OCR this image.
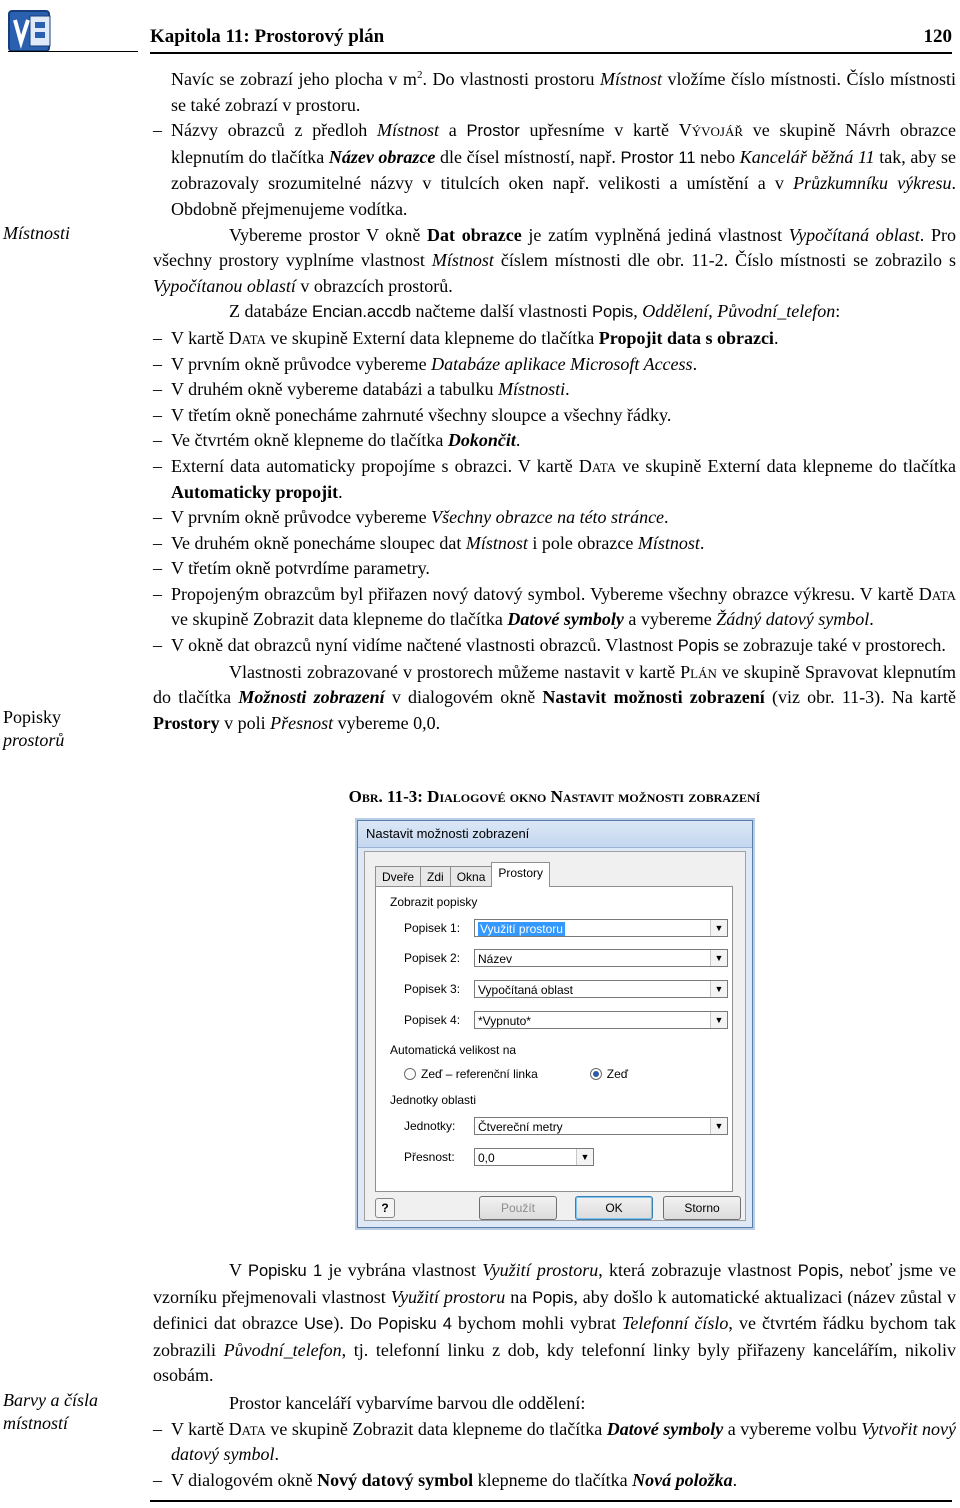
Kapitola 11: Prostorový plán	120
Místnosti
Popisky
prostorů
Barvy a čísla místností

Navíc se zobrazí jeho plocha v $m^2$. Do vlastnosti prostoru Místnost vložíme číslo místnosti. Číslo místnosti se také zobrazí v prostoru.

– Názvy obrazců z předloh Místnost a Prostor upřesníme v kartě Vývojář ve skupině Návrh obrazce klepnutím do tlačítka Název obrazce dle čísel místností, např. Prostor 11 nebo Kancelář běžná 11 tak, aby se zobrazovaly srozumitelné názvy v titulcích oken např. velikosti a umístění a v Průzkumníku výkresu. Obdobně přejmenujeme vodítka.

Vybereme prostor V okně Dat obrazce je zatím vyplněná jediná vlastnost Vypočítaná oblast. Pro všechny prostory vyplníme vlastnost Místnost číslem místnosti dle obr. 11-2. Číslo místnosti se zobrazilo s Vypočítanou oblastí v obrazcích prostorů.

Z databáze Encian.accdb načteme další vlastnosti Popis, Oddělení, Původní_telefon:

– V kartě Data ve skupině Externí data klepneme do tlačítka Propojit data s obrazci.

– V prvním okně průvodce vybereme Databáze aplikace Microsoft Access.

– V druhém okně vybereme databázi a tabulku Místnosti.

– V třetím okně ponecháme zahrnuté všechny sloupce a všechny řádky.

– Ve čtvrtém okně klepneme do tlačítka Dokončit.

– Externí data automaticky propojíme s obrazci. V kartě Data ve skupině Externí data klepneme do tlačítka Automaticky propojit.

– V prvním okně průvodce vybereme Všechny obrazce na této stránce.

– Ve druhém okně ponecháme sloupec dat Místnost i pole obrazce Místnost.

– V třetím okně potvrdíme parametry.

– Propojeným obrazcům byl přiřazen nový datový symbol. Vybereme všechny obrazce výkresu. V kartě Data ve skupině Zobrazit data klepneme do tlačítka Datové symboly a vybereme Žádný datový symbol.

– V okně dat obrazců nyní vidíme načtené vlastnosti obrazců. Vlastnost Popis se zobrazuje také v prostorech.

Vlastnosti zobrazované v prostorech můžeme nastavit v kartě Plán ve skupině Spravovat klepnutím do tlačítka Možnosti zobrazení v dialogovém okně Nastavit možnosti zobrazení (viz obr. 11-3). Na kartě Prostory v poli Přesnost vybereme 0,0.

Obr. 11-3: Dialogové okno Nastavit možnosti zobrazení
Nastavit možnosti zobrazení
Dveře	Zdi	Okna	Prostory
Zobrazit popisky
Popisek 1:	Využití prostoru	▼
Popisek 2:	Název	▼
Popisek 3:	Vypočítaná oblast	▼
Popisek 4:	*Vypnuto*	▼
Automatická velikost na
Zeď – referenční linka	Zeď
Jednotky oblasti
Jednotky:	Čtvereční metry	▼
Přesnost:	0,0	▼
?	Použít	OK	Storno

V Popisku 1 je vybrána vlastnost Využití prostoru, která zobrazuje vlastnost Popis, neboť jsme ve vzorníku přejmenovali vlastnost Využití prostoru na Popis, aby došlo k automatické aktualizaci (název zůstal v definici dat obrazce Use). Do Popisku 4 bychom mohli vybrat Telefonní číslo, ve čtvrtém řádku bychom tak zobrazili Původní_telefon, tj. telefonní linku z dob, kdy telefonní linky byly přiřazeny kancelářím, nikoliv osobám.

Prostor kanceláří vybarvíme barvou dle oddělení:

– V kartě Data ve skupině Zobrazit data klepneme do tlačítka Datové symboly a vybereme volbu Vytvořit nový datový symbol.

– V dialogovém okně Nový datový symbol klepneme do tlačítka Nová položka.
